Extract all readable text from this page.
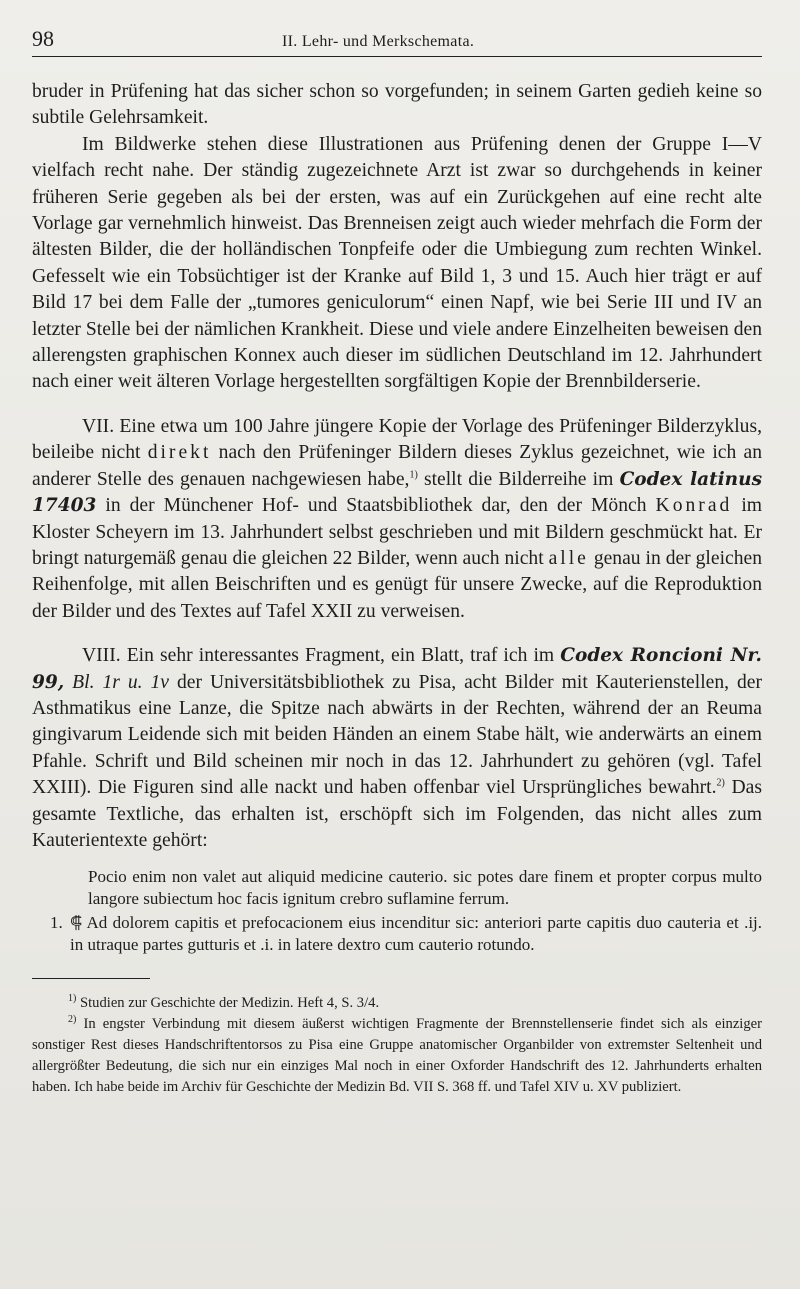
98	II. Lehr- und Merkschemata.

bruder in Prüfening hat das sicher schon so vorgefunden; in seinem Garten gedieh keine so subtile Gelehrsamkeit.

Im Bildwerke stehen diese Illustrationen aus Prüfening denen der Gruppe I—V vielfach recht nahe. Der ständig zugezeichnete Arzt ist zwar so durchgehends in keiner früheren Serie gegeben als bei der ersten, was auf ein Zurückgehen auf eine recht alte Vorlage gar vernehmlich hinweist. Das Brenneisen zeigt auch wieder mehrfach die Form der ältesten Bilder, die der holländischen Tonpfeife oder die Umbiegung zum rechten Winkel. Gefesselt wie ein Tobsüchtiger ist der Kranke auf Bild 1, 3 und 15. Auch hier trägt er auf Bild 17 bei dem Falle der „tumores geniculorum“ einen Napf, wie bei Serie III und IV an letzter Stelle bei der nämlichen Krankheit. Diese und viele andere Einzelheiten beweisen den allerengsten graphischen Konnex auch dieser im südlichen Deutschland im 12. Jahrhundert nach einer weit älteren Vorlage hergestellten sorgfältigen Kopie der Brennbilderserie.

VII. Eine etwa um 100 Jahre jüngere Kopie der Vorlage des Prüfeninger Bilderzyklus, beileibe nicht direkt nach den Prüfeninger Bildern dieses Zyklus gezeichnet, wie ich an anderer Stelle des genauen nachgewiesen habe,$^{1)}$ stellt die Bilderreihe im Codex latinus 17403 in der Münchener Hof- und Staatsbibliothek dar, den der Mönch Konrad im Kloster Scheyern im 13. Jahrhundert selbst geschrieben und mit Bildern geschmückt hat. Er bringt naturgemäß genau die gleichen 22 Bilder, wenn auch nicht alle genau in der gleichen Reihenfolge, mit allen Beischriften und es genügt für unsere Zwecke, auf die Reproduktion der Bilder und des Textes auf Tafel XXII zu verweisen.

VIII. Ein sehr interessantes Fragment, ein Blatt, traf ich im Codex Roncioni Nr. 99, Bl. 1r u. 1v der Universitätsbibliothek zu Pisa, acht Bilder mit Kauterienstellen, der Asthmatikus eine Lanze, die Spitze nach abwärts in der Rechten, während der an Reuma gingivarum Leidende sich mit beiden Händen an einem Stabe hält, wie anderwärts an einem Pfahle. Schrift und Bild scheinen mir noch in das 12. Jahrhundert zu gehören (vgl. Tafel XXIII). Die Figuren sind alle nackt und haben offenbar viel Ursprüngliches bewahrt.$^{2)}$ Das gesamte Textliche, das erhalten ist, erschöpft sich im Folgenden, das nicht alles zum Kauterientexte gehört:

Pocio enim non valet aut aliquid medicine cauterio. sic potes dare finem et propter corpus multo langore subiectum hoc facis ignitum crebro suflamine ferrum.
1. ⸿ Ad dolorem capitis et prefocacionem eius incenditur sic: anteriori parte capitis duo cauteria et .ij. in utraque partes gutturis et .i. in latere dextro cum cauterio rotundo.

$^{1)}$ Studien zur Geschichte der Medizin. Heft 4, S. 3/4.

$^{2)}$ In engster Verbindung mit diesem äußerst wichtigen Fragmente der Brennstellenserie findet sich als einziger sonstiger Rest dieses Handschriftentorsos zu Pisa eine Gruppe anatomischer Organbilder von extremster Seltenheit und allergrößter Bedeutung, die sich nur ein einziges Mal noch in einer Oxforder Handschrift des 12. Jahrhunderts erhalten haben. Ich habe beide im Archiv für Geschichte der Medizin Bd. VII S. 368 ff. und Tafel XIV u. XV publiziert.
